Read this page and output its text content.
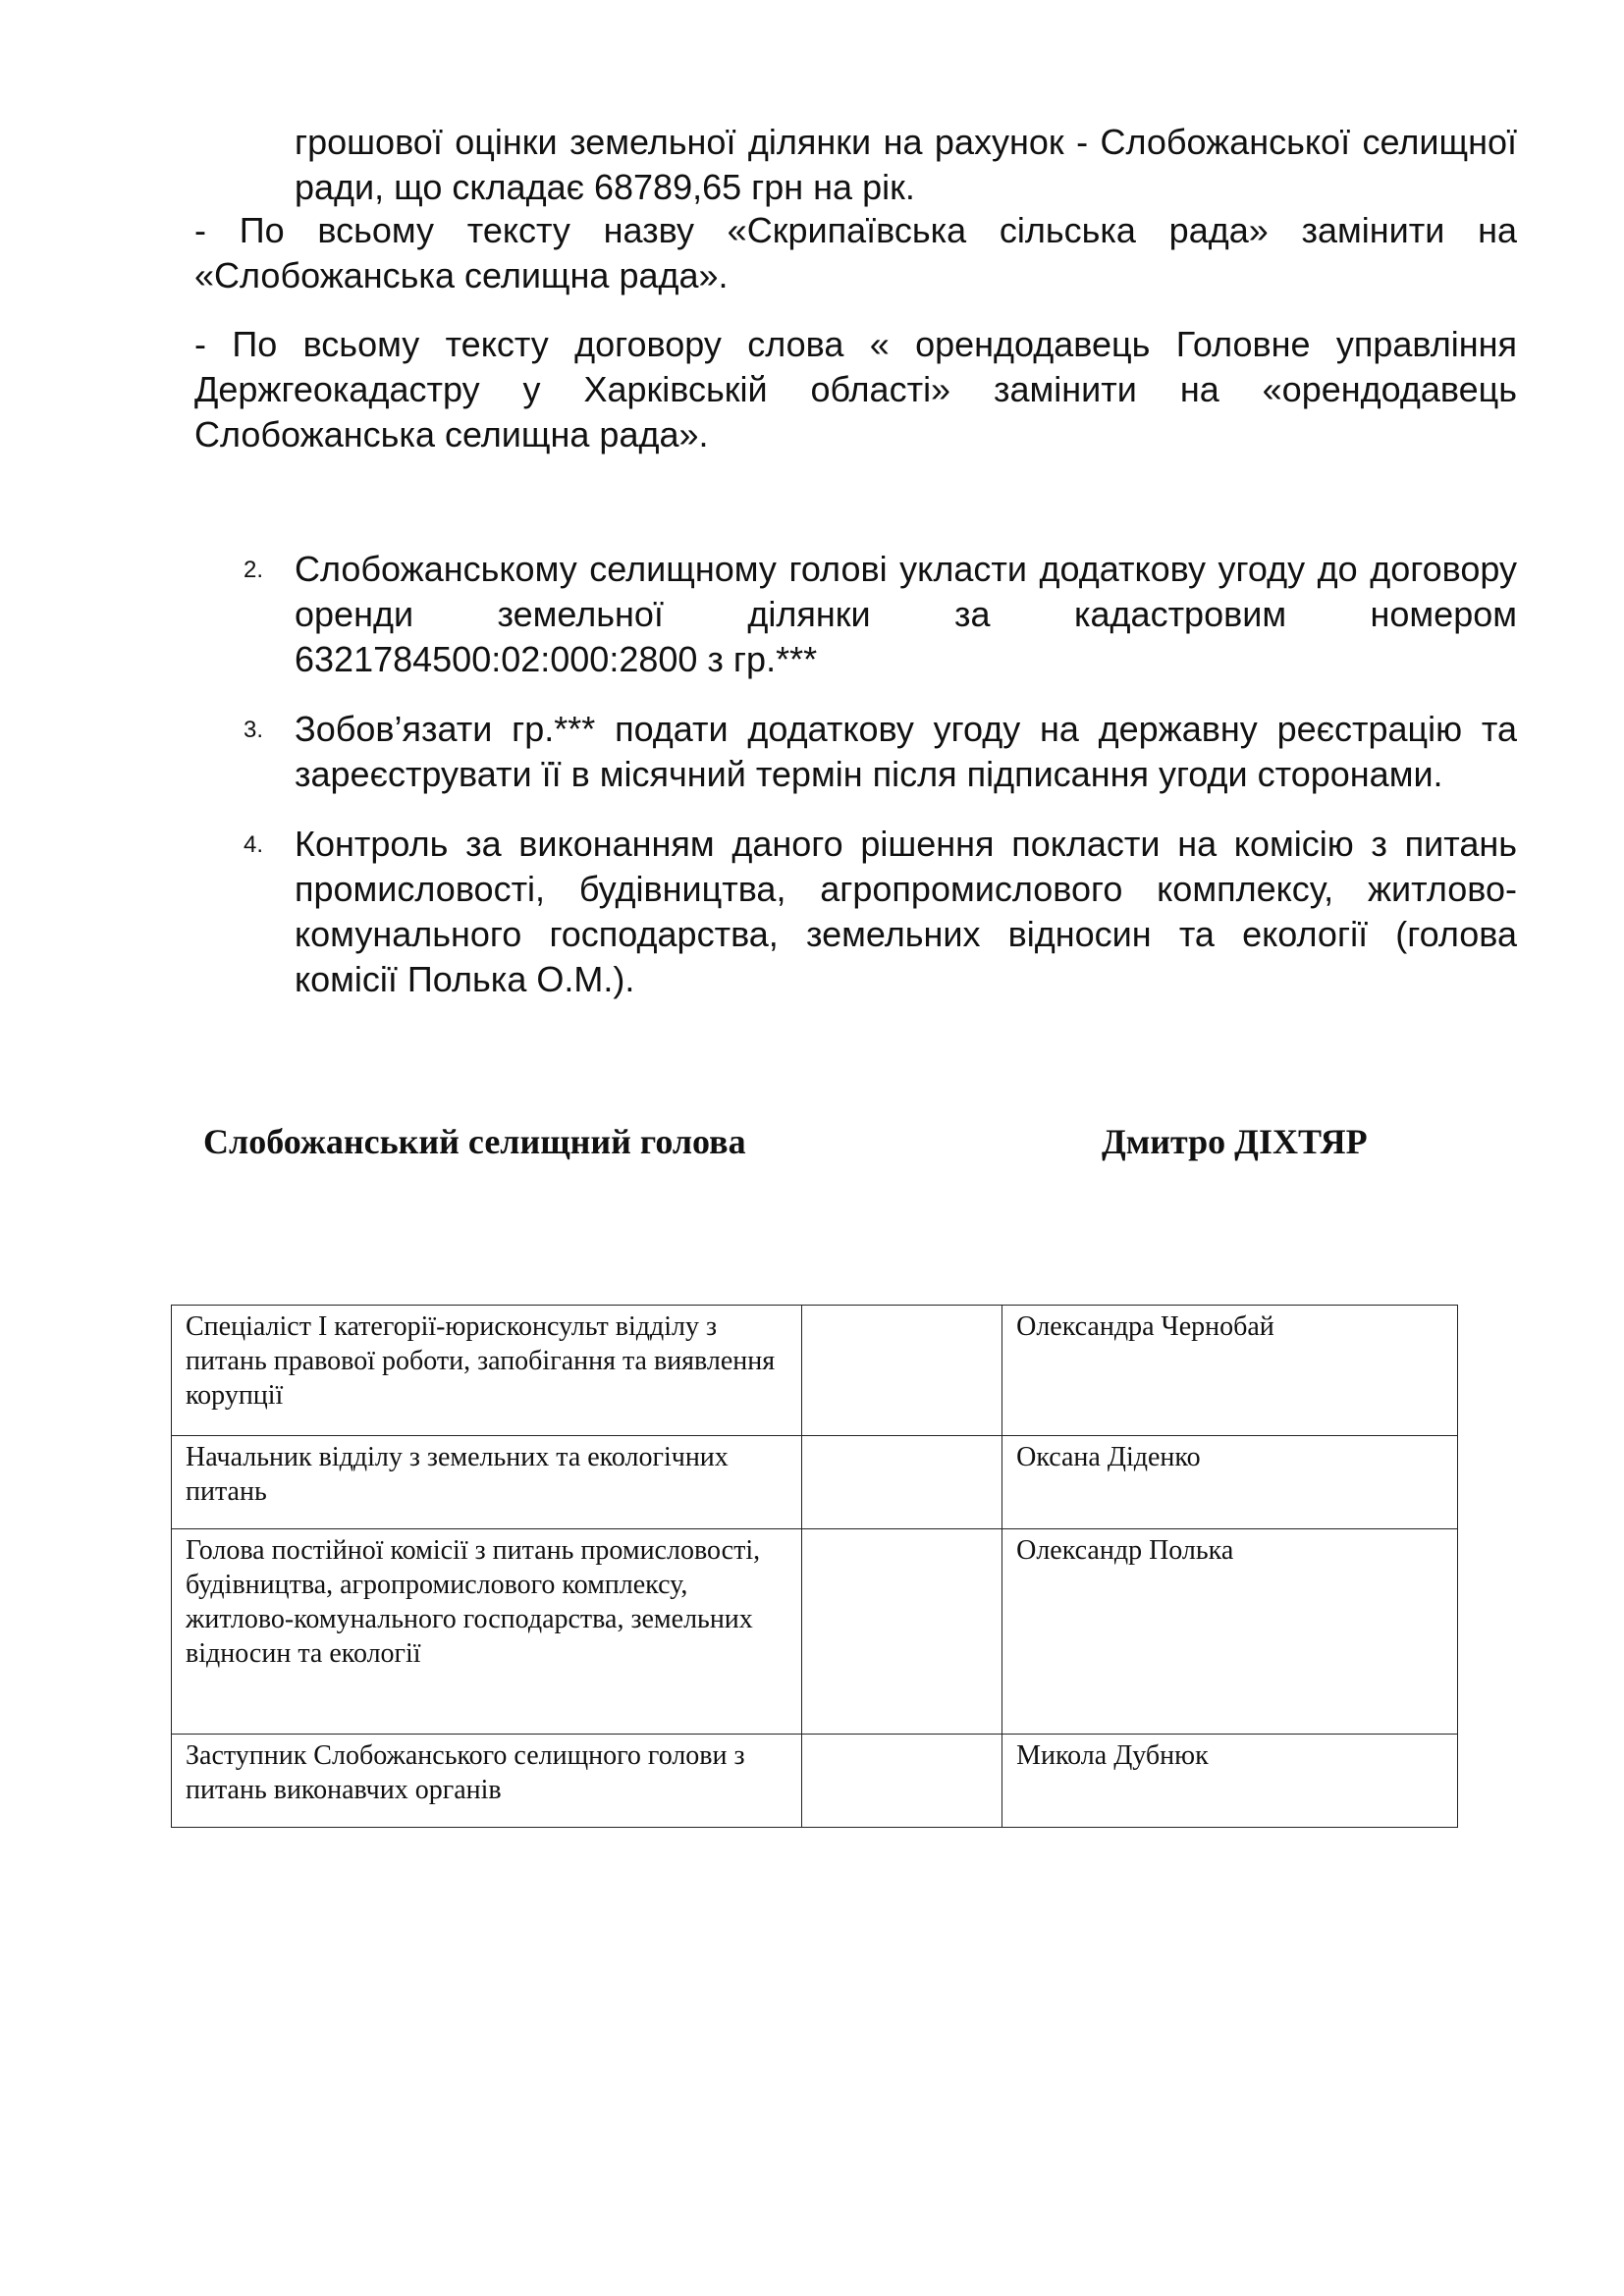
грошової оцінки земельної ділянки на рахунок - Слобожанської селищної ради, що складає 68789,65 грн на рік.

- По всьому тексту назву «Скрипаївська сільська рада» замінити на «Слобожанська селищна рада».

- По всьому тексту договору слова « орендодавець Головне управління Держгеокадастру у Харківській області» замінити на «орендодавець Слобожанська селищна рада».

2. Слобожанському селищному голові укласти додаткову угоду до договору оренди земельної ділянки за кадастровим номером 6321784500:02:000:2800 з гр.***

3. Зобов’язати гр.*** подати додаткову угоду на державну реєстрацію та зареєструвати її в місячний термін після підписання угоди сторонами.

4. Контроль за виконанням даного рішення покласти на комісію з питань промисловості, будівництва, агропромислового комплексу, житлово-комунального господарства, земельних відносин та екології (голова комісії Полька О.М.).

Слобожанський селищний голова	Дмитро ДІХТЯР
Спеціаліст І категорії-юрисконсульт відділу з питань правової роботи, запобігання та виявлення корупції		Олександра Чернобай
Начальник відділу з земельних та екологічних питань		Оксана Діденко
Голова постійної комісії з питань промисловості, будівництва, агропромислового комплексу, житлово-комунального господарства, земельних відносин та екології		Олександр Полька
Заступник Слобожанського селищного голови з питань виконавчих органів		Микола Дубнюк
